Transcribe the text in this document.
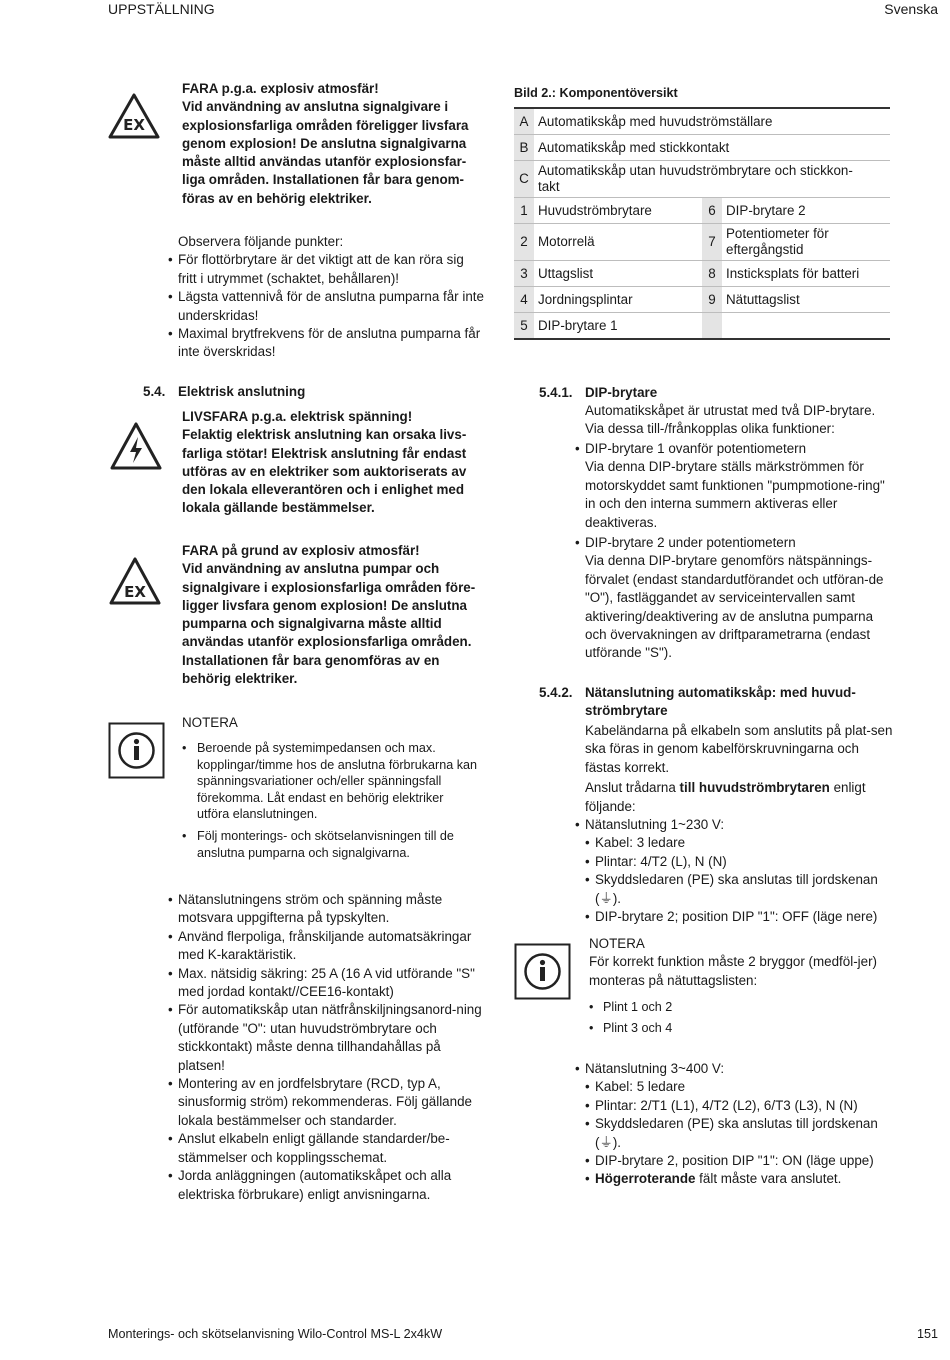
UPPSTÄLLNING	Svenska
EX
FARA p.g.a. explosiv atmosfär!
Vid användning av anslutna signalgivare i
explosionsfarliga områden föreligger livsfara
genom explosion! De anslutna signalgivarna
måste alltid användas utanför explosionsfar-
liga områden. Installationen får bara genom-
föras av en behörig elektriker.
Observera följande punkter:
• För flottörbrytare är det viktigt att de kan röra sig fritt i utrymmet (schaktet, behållaren)!
• Lägsta vattennivå för de anslutna pumparna får inte underskridas!
• Maximal brytfrekvens för de anslutna pumparna får inte överskridas!
Bild 2.: Komponentöversikt
A	Automatikskåp med huvudströmställare		
B	Automatikskåp med stickkontakt		
C	Automatikskåp utan huvudströmbrytare och stickkon-takt		
1	Huvudströmbrytare	6	DIP-brytare 2
2	Motorrelä	7	Potentiometer för eftergångstid
3	Uttagslist	8	Insticksplats för batteri
4	Jordningsplintar	9	Nätuttagslist
5	DIP-brytare 1		
5.4. Elektrisk anslutning
LIVSFARA p.g.a. elektrisk spänning!
Felaktig elektrisk anslutning kan orsaka livs-
farliga stötar! Elektrisk anslutning får endast
utföras av en elektriker som auktoriserats av
den lokala elleverantören och i enlighet med
lokala gällande bestämmelser.
EX
FARA på grund av explosiv atmosfär!
Vid användning av anslutna pumpar och
signalgivare i explosionsfarliga områden före-
ligger livsfara genom explosion! De anslutna
pumparna och signalgivarna måste alltid
användas utanför explosionsfarliga områden.
Installationen får bara genomföras av en
behörig elektriker.
NOTERA
• Beroende på systemimpedansen och max. kopplingar/timme hos de anslutna förbrukarna kan spänningsvariationer och/eller spänningsfall förekomma. Låt endast en behörig elektriker utföra elanslutningen.
• Följ monterings- och skötselanvisningen till de anslutna pumparna och signalgivarna.
• Nätanslutningens ström och spänning måste motsvara uppgifterna på typskylten.
• Använd flerpoliga, frånskiljande automatsäkringar med K-karaktäristik.
• Max. nätsidig säkring: 25 A (16 A vid utförande "S" med jordad kontakt//CEE16-kontakt)
• För automatikskåp utan nätfrånskiljningsanord-ning (utförande "O": utan huvudströmbrytare och stickkontakt) måste denna tillhandahållas på platsen!
• Montering av en jordfelsbrytare (RCD, typ A, sinusformig ström) rekommenderas. Följ gällande lokala bestämmelser och standarder.
• Anslut elkabeln enligt gällande standarder/be-stämmelser och kopplingsschemat.
• Jorda anläggningen (automatikskåpet och alla elektriska förbrukare) enligt anvisningarna.
5.4.1. DIP-brytare
Automatikskåpet är utrustat med två DIP-brytare. Via dessa till-/frånkopplas olika funktioner:
• DIP-brytare 1 ovanför potentiometern
Via denna DIP-brytare ställs märkströmmen för motorskyddet samt funktionen "pumpmotione-ring" in och den interna summern aktiveras eller deaktiveras.
• DIP-brytare 2 under potentiometern
Via denna DIP-brytare genomförs nätspännings-förvalet (endast standardutförandet och utföran-de "O"), fastläggandet av serviceintervallen samt aktivering/deaktivering av de anslutna pumparna och övervakningen av driftparametrarna (endast utförande "S").
5.4.2. Nätanslutning automatikskåp: med huvud-
strömbrytare
Kabeländarna på elkabeln som anslutits på plat-sen ska föras in genom kabelförskruvningarna och fästas korrekt.
Anslut trådarna till huvudströmbrytaren enligt följande:
• Nätanslutning 1~230 V:
• Kabel: 3 ledare
• Plintar: 4/T2 (L), N (N)
• Skyddsledaren (PE) ska anslutas till jordskenan (⏚).
• DIP-brytare 2; position DIP "1": OFF (läge nere)
NOTERA
För korrekt funktion måste 2 bryggor (medföl-jer) monteras på nätuttagslisten:
• Plint 1 och 2
• Plint 3 och 4
• Nätanslutning 3~400 V:
• Kabel: 5 ledare
• Plintar: 2/T1 (L1), 4/T2 (L2), 6/T3 (L3), N (N)
• Skyddsledaren (PE) ska anslutas till jordskenan (⏚).
• DIP-brytare 2, position DIP "1": ON (läge uppe)
• Högerroterande fält måste vara anslutet.
Monterings- och skötselanvisning Wilo-Control MS-L 2x4kW	151
